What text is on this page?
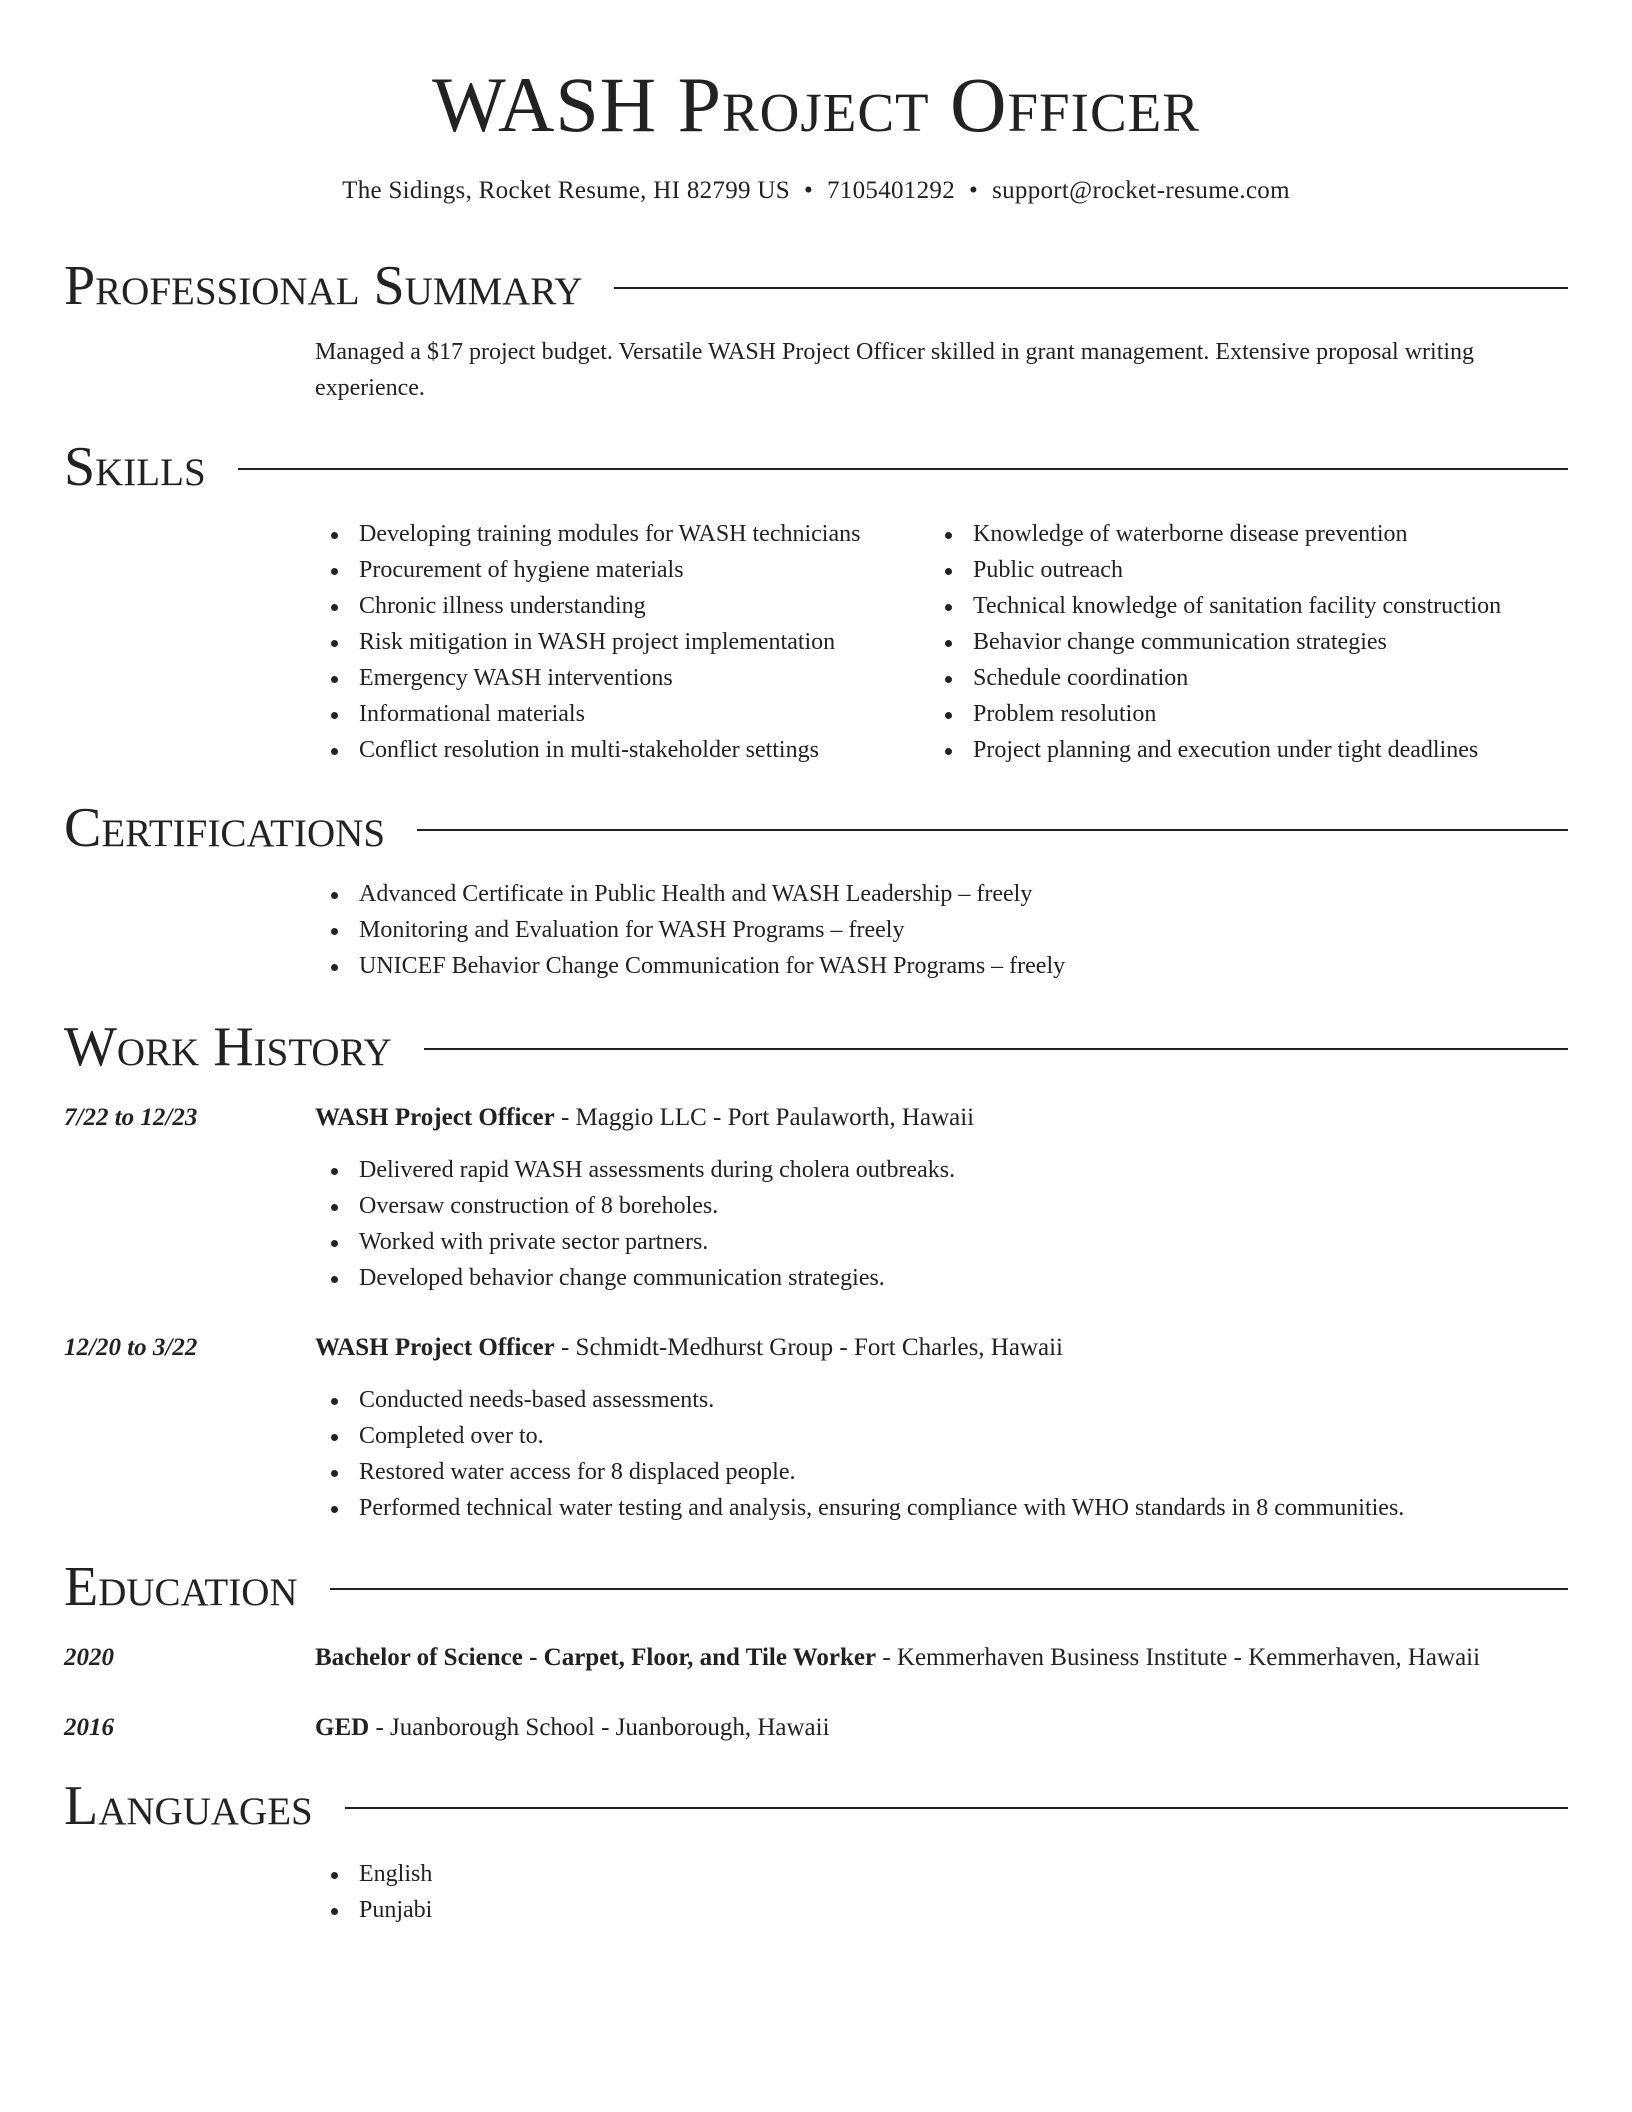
WASH Project Officer
The Sidings, Rocket Resume, HI 82799 US • 7105401292 • support@rocket-resume.com
Professional Summary
Managed a $17 project budget. Versatile WASH Project Officer skilled in grant management. Extensive proposal writing experience.
Skills
Developing training modules for WASH technicians
Procurement of hygiene materials
Chronic illness understanding
Risk mitigation in WASH project implementation
Emergency WASH interventions
Informational materials
Conflict resolution in multi-stakeholder settings
Knowledge of waterborne disease prevention
Public outreach
Technical knowledge of sanitation facility construction
Behavior change communication strategies
Schedule coordination
Problem resolution
Project planning and execution under tight deadlines
Certifications
Advanced Certificate in Public Health and WASH Leadership – freely
Monitoring and Evaluation for WASH Programs – freely
UNICEF Behavior Change Communication for WASH Programs – freely
Work History
7/22 to 12/23	WASH Project Officer - Maggio LLC - Port Paulaworth, Hawaii
Delivered rapid WASH assessments during cholera outbreaks.
Oversaw construction of 8 boreholes.
Worked with private sector partners.
Developed behavior change communication strategies.
12/20 to 3/22	WASH Project Officer - Schmidt-Medhurst Group - Fort Charles, Hawaii
Conducted needs-based assessments.
Completed over to.
Restored water access for 8 displaced people.
Performed technical water testing and analysis, ensuring compliance with WHO standards in 8 communities.
Education
2020	Bachelor of Science - Carpet, Floor, and Tile Worker - Kemmerhaven Business Institute - Kemmerhaven, Hawaii
2016	GED - Juanborough School - Juanborough, Hawaii
Languages
English
Punjabi
